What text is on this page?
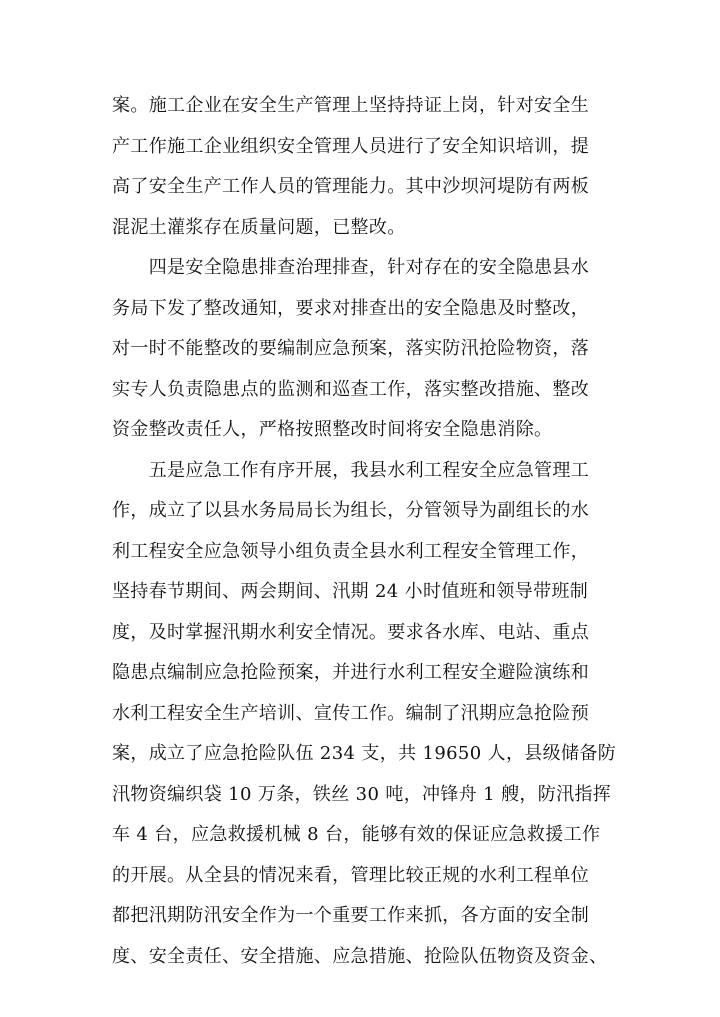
案。施工企业在安全生产管理上坚持持证上岗，针对安全生
产工作施工企业组织安全管理人员进行了安全知识培训，提
高了安全生产工作人员的管理能力。其中沙坝河堤防有两板
混泥土灌浆存在质量问题，已整改。
　　四是安全隐患排查治理排查，针对存在的安全隐患县水
务局下发了整改通知，要求对排查出的安全隐患及时整改，
对一时不能整改的要编制应急预案，落实防汛抢险物资，落
实专人负责隐患点的监测和巡查工作，落实整改措施、整改
资金整改责任人，严格按照整改时间将安全隐患消除。
　　五是应急工作有序开展，我县水利工程安全应急管理工
作，成立了以县水务局局长为组长，分管领导为副组长的水
利工程安全应急领导小组负责全县水利工程安全管理工作，
坚持春节期间、两会期间、汛期 24 小时值班和领导带班制
度，及时掌握汛期水利安全情况。要求各水库、电站、重点
隐患点编制应急抢险预案，并进行水利工程安全避险演练和
水利工程安全生产培训、宣传工作。编制了汛期应急抢险预
案，成立了应急抢险队伍 234 支，共 19650 人，县级储备防
汛物资编织袋 10 万条，铁丝 30 吨，冲锋舟 1 艘，防汛指挥
车 4 台，应急救援机械 8 台，能够有效的保证应急救援工作
的开展。从全县的情况来看，管理比较正规的水利工程单位
都把汛期防汛安全作为一个重要工作来抓，各方面的安全制
度、安全责任、安全措施、应急措施、抢险队伍物资及资金、
